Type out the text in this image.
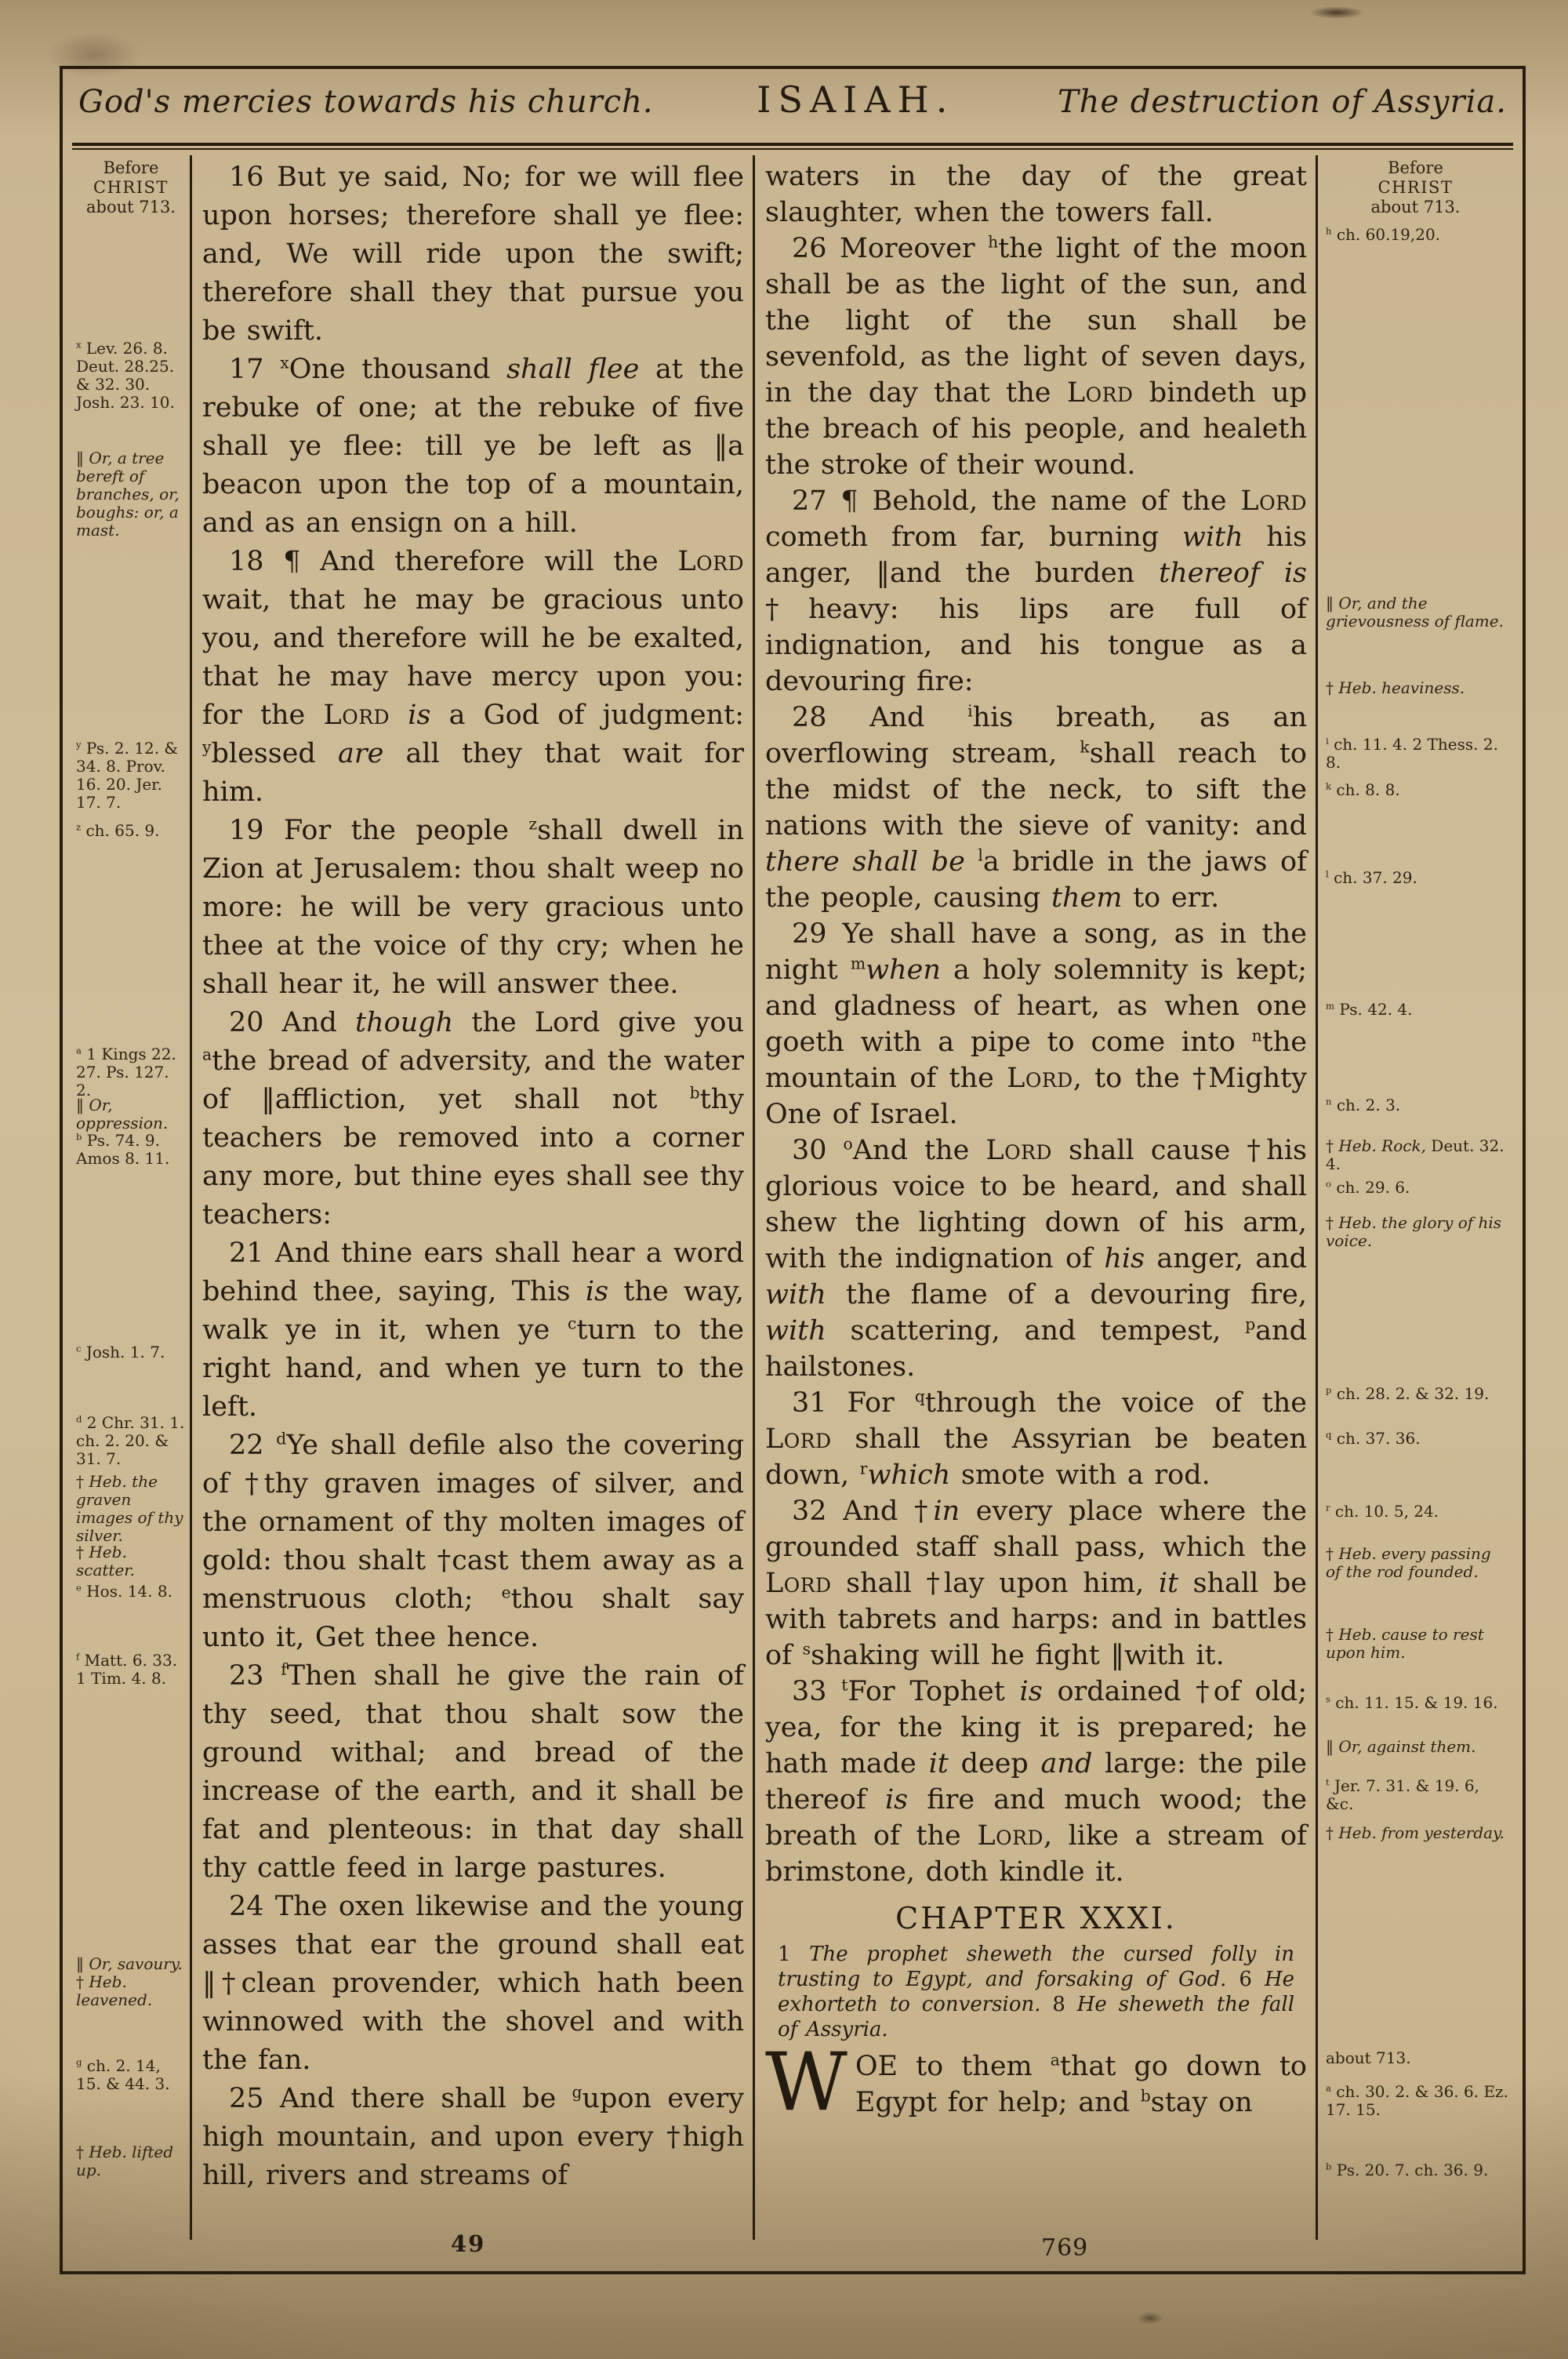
God's mercies towards his church.	ISAIAH.	The destruction of Assyria.
Before
CHRIST
about 713.
$^x$ Lev. 26. 8. Deut. 28.25. & 32. 30. Josh. 23. 10.
‖ Or, a tree bereft of branches, or, boughs: or, a mast.
$^y$ Ps. 2. 12. & 34. 8. Prov. 16. 20. Jer. 17. 7.
$^z$ ch. 65. 9.
$^a$ 1 Kings 22. 27. Ps. 127. 2.
‖ Or, oppression.
$^b$ Ps. 74. 9. Amos 8. 11.
$^c$ Josh. 1. 7.
$^d$ 2 Chr. 31. 1. ch. 2. 20. & 31. 7.
† Heb. the graven images of thy silver.
† Heb. scatter.
$^e$ Hos. 14. 8.
$^f$ Matt. 6. 33. 1 Tim. 4. 8.
‖ Or, savoury.
† Heb. leavened.
$^g$ ch. 2. 14, 15. & 44. 3.
† Heb. lifted up.

16 But ye said, No; for we will flee upon horses; therefore shall ye flee: and, We will ride upon the swift; therefore shall they that pursue you be swift.

17 $^x$One thousand shall flee at the rebuke of one; at the rebuke of five shall ye flee: till ye be left as ‖a beacon upon the top of a mountain, and as an ensign on a hill.

18 ¶ And therefore will the Lord wait, that he may be gracious unto you, and therefore will he be exalted, that he may have mercy upon you: for the Lord is a God of judgment: $^y$blessed are all they that wait for him.

19 For the people $^z$shall dwell in Zion at Jerusalem: thou shalt weep no more: he will be very gracious unto thee at the voice of thy cry; when he shall hear it, he will answer thee.

20 And though the Lord give you $^a$the bread of adversity, and the water of ‖affliction, yet shall not $^b$thy teachers be removed into a corner any more, but thine eyes shall see thy teachers:

21 And thine ears shall hear a word behind thee, saying, This is the way, walk ye in it, when ye $^c$turn to the right hand, and when ye turn to the left.

22 $^d$Ye shall defile also the covering of †thy graven images of silver, and the ornament of thy molten images of gold: thou shalt †cast them away as a menstruous cloth; $^e$thou shalt say unto it, Get thee hence.

23 $^f$Then shall he give the rain of thy seed, that thou shalt sow the ground withal; and bread of the increase of the earth, and it shall be fat and plenteous: in that day shall thy cattle feed in large pastures.

24 The oxen likewise and the young asses that ear the ground shall eat ‖†clean provender, which hath been winnowed with the shovel and with the fan.

25 And there shall be $^g$upon every high mountain, and upon every †high hill, rivers and streams of

waters in the day of the great slaughter, when the towers fall.

26 Moreover $^h$the light of the moon shall be as the light of the sun, and the light of the sun shall be sevenfold, as the light of seven days, in the day that the Lord bindeth up the breach of his people, and healeth the stroke of their wound.

27 ¶ Behold, the name of the Lord cometh from far, burning with his anger, ‖and the burden thereof is †heavy: his lips are full of indignation, and his tongue as a devouring fire:

28 And $^i$his breath, as an overflowing stream, $^k$shall reach to the midst of the neck, to sift the nations with the sieve of vanity: and there shall be $^l$a bridle in the jaws of the people, causing them to err.

29 Ye shall have a song, as in the night $^m$when a holy solemnity is kept; and gladness of heart, as when one goeth with a pipe to come into $^n$the mountain of the Lord, to the †Mighty One of Israel.

30 $^o$And the Lord shall cause †his glorious voice to be heard, and shall shew the lighting down of his arm, with the indignation of his anger, and with the flame of a devouring fire, with scattering, and tempest, $^p$and hailstones.

31 For $^q$through the voice of the Lord shall the Assyrian be beaten down, $^r$which smote with a rod.

32 And †in every place where the grounded staff shall pass, which the Lord shall †lay upon him, it shall be with tabrets and harps: and in battles of $^s$shaking will he fight ‖with it.

33 $^t$For Tophet is ordained †of old; yea, for the king it is prepared; he hath made it deep and large: the pile thereof is fire and much wood; the breath of the Lord, like a stream of brimstone, doth kindle it.

CHAPTER XXXI.

1 The prophet sheweth the cursed folly in trusting to Egypt, and forsaking of God. 6 He exhorteth to conversion. 8 He sheweth the fall of Assyria.

WOE to them $^a$that go down to Egypt for help; and $^b$stay on

Before
CHRIST
about 713.
$^h$ ch. 60.19,20.
‖ Or, and the grievousness of flame.
† Heb. heaviness.
$^i$ ch. 11. 4. 2 Thess. 2. 8.
$^k$ ch. 8. 8.
$^l$ ch. 37. 29.
$^m$ Ps. 42. 4.
$^n$ ch. 2. 3.
† Heb. Rock, Deut. 32. 4.
$^o$ ch. 29. 6.
† Heb. the glory of his voice.
$^p$ ch. 28. 2. & 32. 19.
$^q$ ch. 37. 36.
$^r$ ch. 10. 5, 24.
† Heb. every passing of the rod founded.
† Heb. cause to rest upon him.
$^s$ ch. 11. 15. & 19. 16.
‖ Or, against them.
$^t$ Jer. 7. 31. & 19. 6, &c.
† Heb. from yesterday.
about 713.
$^a$ ch. 30. 2. & 36. 6. Ez. 17. 15.
$^b$ Ps. 20. 7. ch. 36. 9.
49	769
